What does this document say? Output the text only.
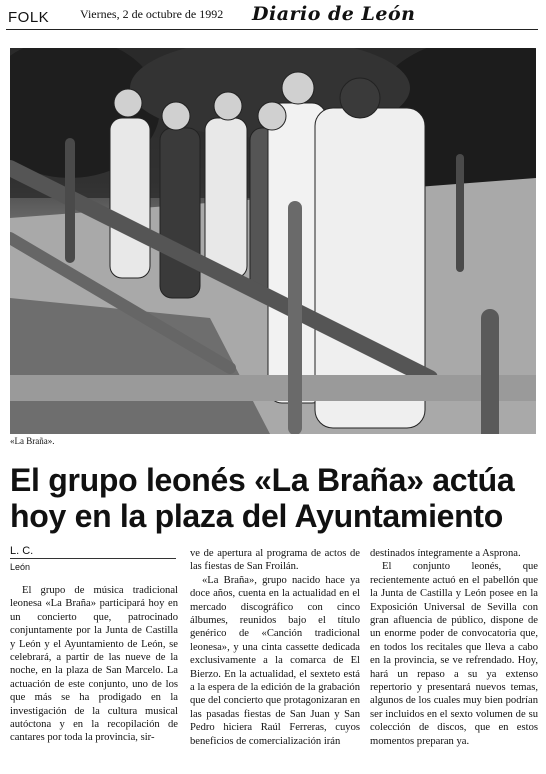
FOLK	Viernes, 2 de octubre de 1992 Diario de León
«La Braña».
El grupo leonés «La Braña» actúa
hoy en la plaza del Ayuntamiento
L. C.
León

El grupo de música tradicional leonesa «La Braña» participará hoy en un concierto que, patrocinado conjuntamente por la Junta de Castilla y León y el Ayuntamiento de León, se celebrará, a partir de las nueve de la noche, en la plaza de San Marcelo. La actuación de este conjunto, uno de los que más se ha prodigado en la investigación de la cultura musical autóctona y en la recopilación de cantares por toda la provincia, sir-

ve de apertura al programa de actos de las fiestas de San Froilán.

«La Braña», grupo nacido hace ya doce años, cuenta en la actualidad en el mercado discográfico con cinco álbumes, reunidos bajo el título genérico de «Canción tradicional leonesa», y una cinta cassette dedicada exclusivamente a la comarca de El Bierzo. En la actualidad, el sexteto está a la espera de la edición de la grabación que del concierto que protagonizaran en las pasadas fiestas de San Juan y San Pedro hiciera Raúl Ferreras, cuyos beneficios de comercialización irán

destinados íntegramente a Asprona.

El conjunto leonés, que recientemente actuó en el pabellón que la Junta de Castilla y León posee en la Exposición Universal de Sevilla con gran afluencia de público, dispone de un enorme poder de convocatoria que, en todos los recitales que lleva a cabo en la provincia, se ve refrendado. Hoy, hará un repaso a su ya extenso repertorio y presentará nuevos temas, algunos de los cuales muy bien podrían ser incluidos en el sexto volumen de su colección de discos, que en estos momentos preparan ya.
